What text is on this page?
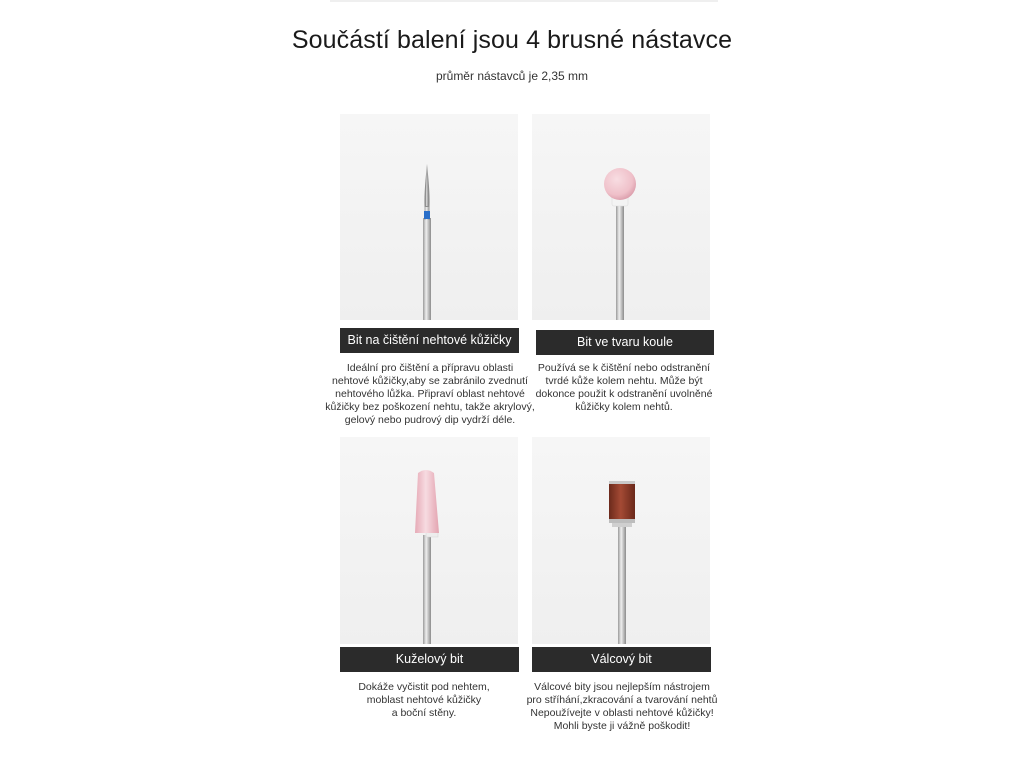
Součástí balení jsou 4 brusné nástavce
průměr nástavců je 2,35 mm
Bit na čištění nehtové kůžičky
Ideální pro čištění a přípravu oblasti
nehtové kůžičky,aby se zabránilo zvednutí
nehtového lůžka. Připraví oblast nehtové
kůžičky bez poškození nehtu, takže akrylový,
gelový nebo pudrový dip vydrží déle.
Bit ve tvaru koule
Používá se k čištění nebo odstranění
tvrdé kůže kolem nehtu. Může být
dokonce použit k odstranění uvolněné
kůžičky kolem nehtů.
Kuželový bit
Dokáže vyčistit pod nehtem,
moblast nehtové kůžičky
a boční stěny.
Válcový bit
Válcové bity jsou nejlepším nástrojem
pro stříhání,zkracování a tvarování nehtů
Nepoužívejte v oblasti nehtové kůžičky!
Mohli byste ji vážně poškodit!
